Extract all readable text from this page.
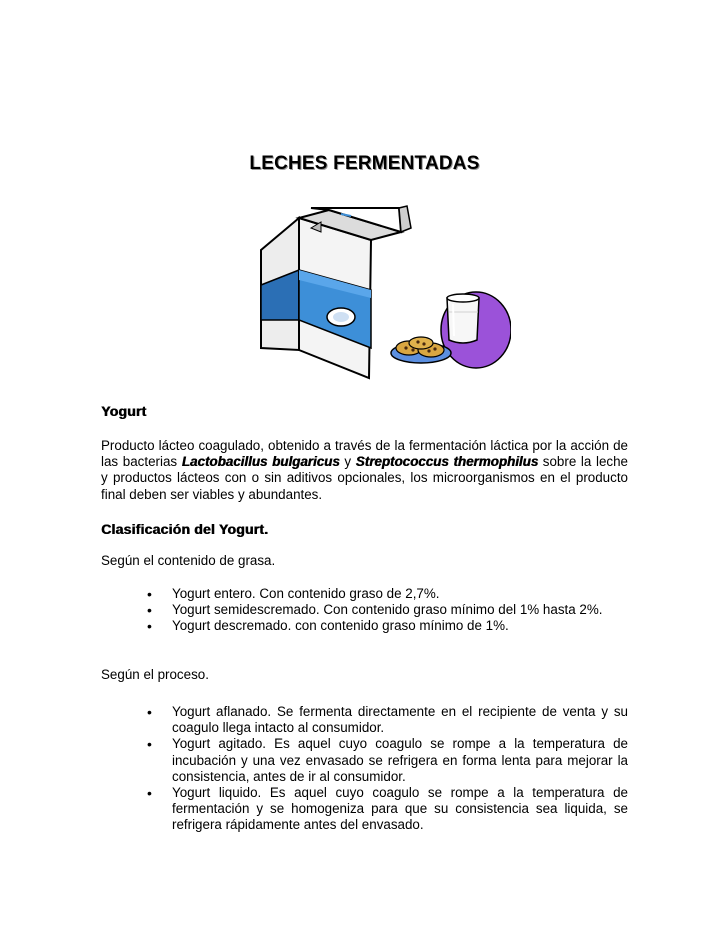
LECHES FERMENTADAS
Yogurt
Producto lácteo coagulado, obtenido a través de la fermentación láctica por la acción de las bacterias Lactobacillus bulgaricus y Streptococcus thermophilus sobre la leche y productos lácteos con o sin aditivos opcionales, los microorganismos en el producto final deben ser viables y abundantes.
Clasificación del Yogurt.
Según el contenido de grasa.
•	Yogurt entero. Con contenido graso de 2,7%.
•	Yogurt semidescremado. Con contenido graso mínimo del 1% hasta 2%.
•	Yogurt descremado. con contenido graso mínimo de 1%.
Según el proceso.
•	Yogurt aflanado. Se fermenta directamente en el recipiente de venta y su coagulo llega intacto al consumidor.
•	Yogurt agitado. Es aquel cuyo coagulo se rompe a la temperatura de incubación y una vez envasado se refrigera en forma lenta para mejorar la consistencia, antes de ir al consumidor.
•	Yogurt liquido. Es aquel cuyo coagulo se rompe a la temperatura de fermentación y se homogeniza para que su consistencia sea liquida, se refrigera rápidamente antes del envasado.
